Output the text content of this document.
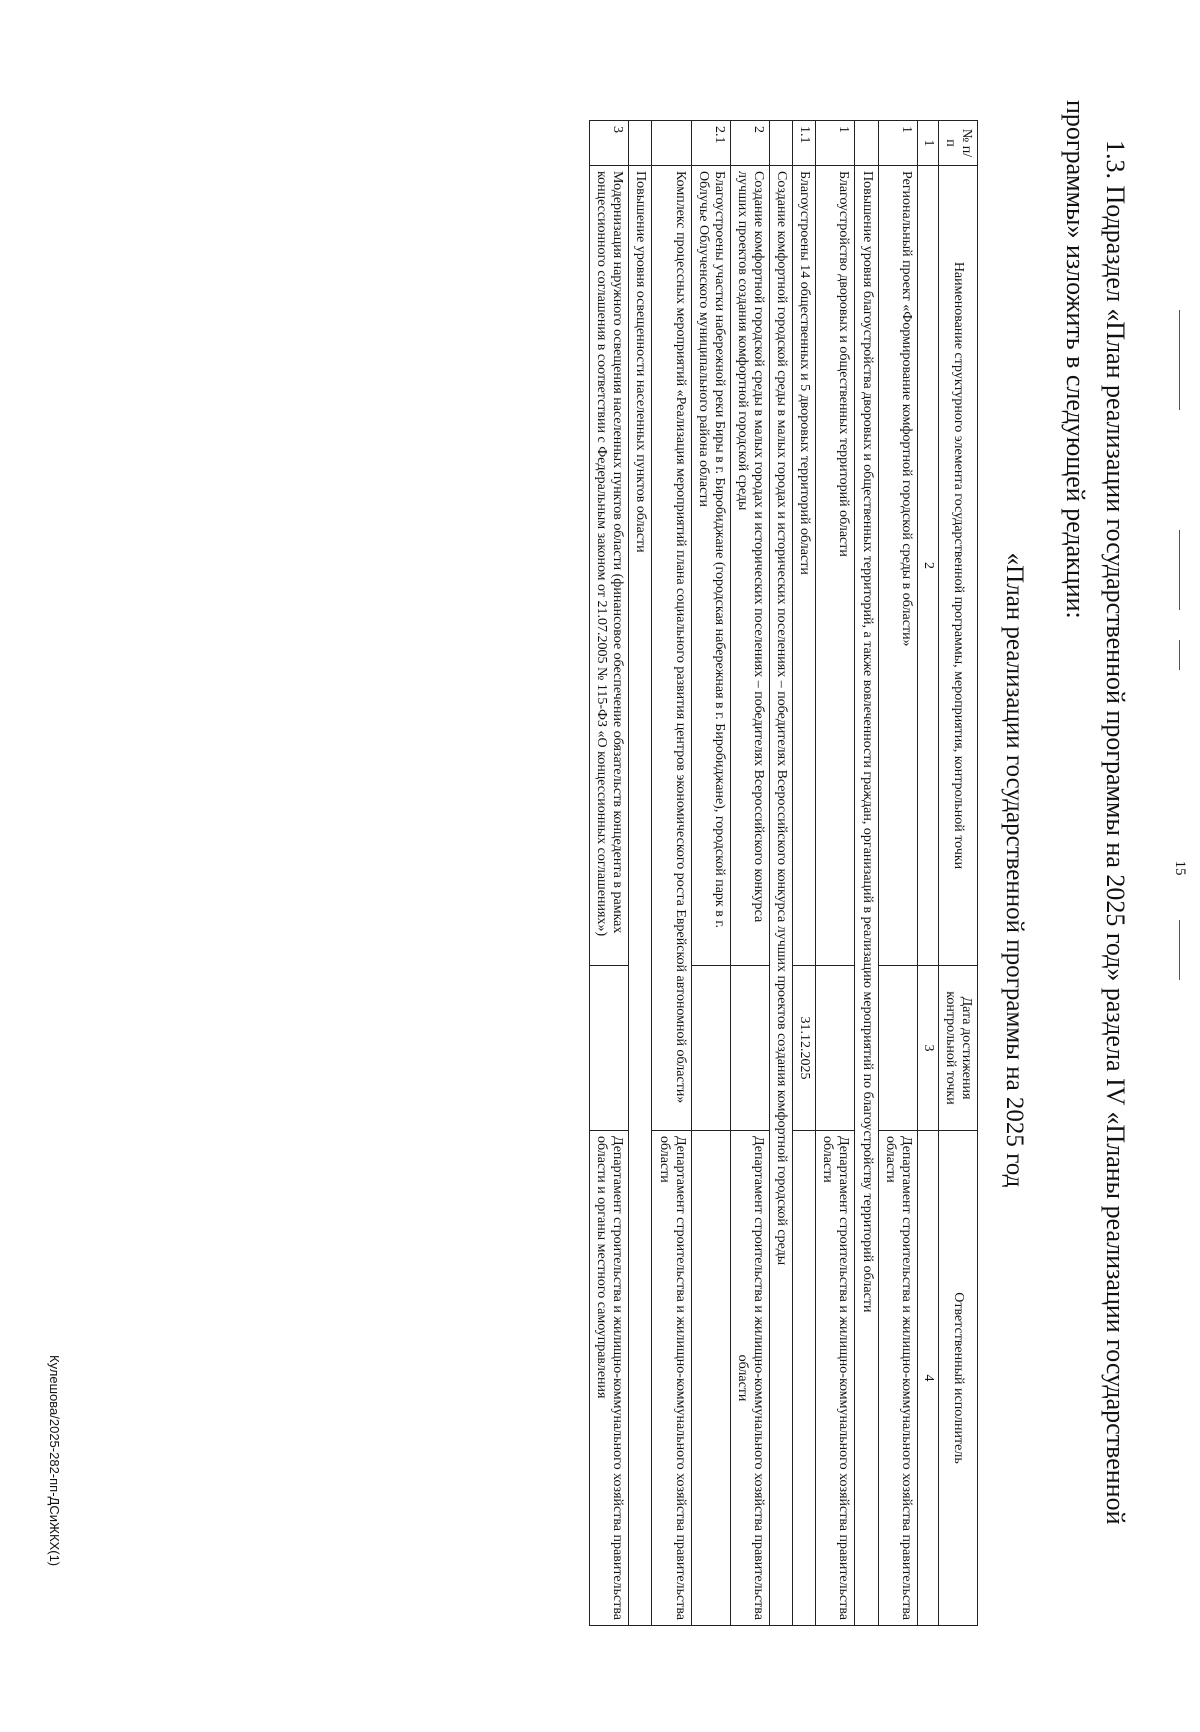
15
1.3. Подраздел «План реализации государственной программы на 2025 год» раздела IV «Планы реализации государственной
программы» изложить в следующей редакции:
«План реализации государственной программы на 2025 год
№ п/п	Наименование структурного элемента государственной программы, мероприятия, контрольной точки	Дата достижения контрольной точки	Ответственный исполнитель
1	2	3	4
1	Региональный проект «Формирование комфортной городской среды в области»		Департамент строительства и жилищно-коммунального хозяйства правительства области
	Повышение уровня благоустройства дворовых и общественных территорий, а также вовлеченности граждан, организаций в реализацию мероприятий по благоустройству территорий области		
1	Благоустройство дворовых и общественных территорий области		Департамент строительства и жилищно-коммунального хозяйства правительства области
1.1	Благоустроены 14 общественных и 5 дворовых территорий области	31.12.2025	
	Создание комфортной городской среды в малых городах и исторических поселениях – победителях Всероссийского конкурса лучших проектов создания комфортной городской среды		
2	Создание комфортной городской среды в малых городах и исторических поселениях – победителях Всероссийского конкурса лучших проектов создания комфортной городской среды		Департамент строительства и жилищно-коммунального хозяйства правительства области
2.1	Благоустроены участки набережной реки Биры в г. Биробиджане (городская набережная в г. Биробиджане), городской парк в г. Облучье Облученского муниципального района области		
	Комплекс процессных мероприятий «Реализация мероприятий плана социального развития центров экономического роста Еврейской автономной области»		Департамент строительства и жилищно-коммунального хозяйства правительства области
	Повышение уровня освещенности населенных пунктов области		
3	Модернизация наружного освещения населенных пунктов области (финансовое обеспечение обязательств концедента в рамках концессионного соглашения в соответствии с Федеральным законом от 21.07.2005 № 115-ФЗ «О концессионных соглашениях»)		Департамент строительства и жилищно-коммунального хозяйства правительства области и органы местного самоуправления
Кулешова/2025-282-пп-ДСиЖКХ(1)
